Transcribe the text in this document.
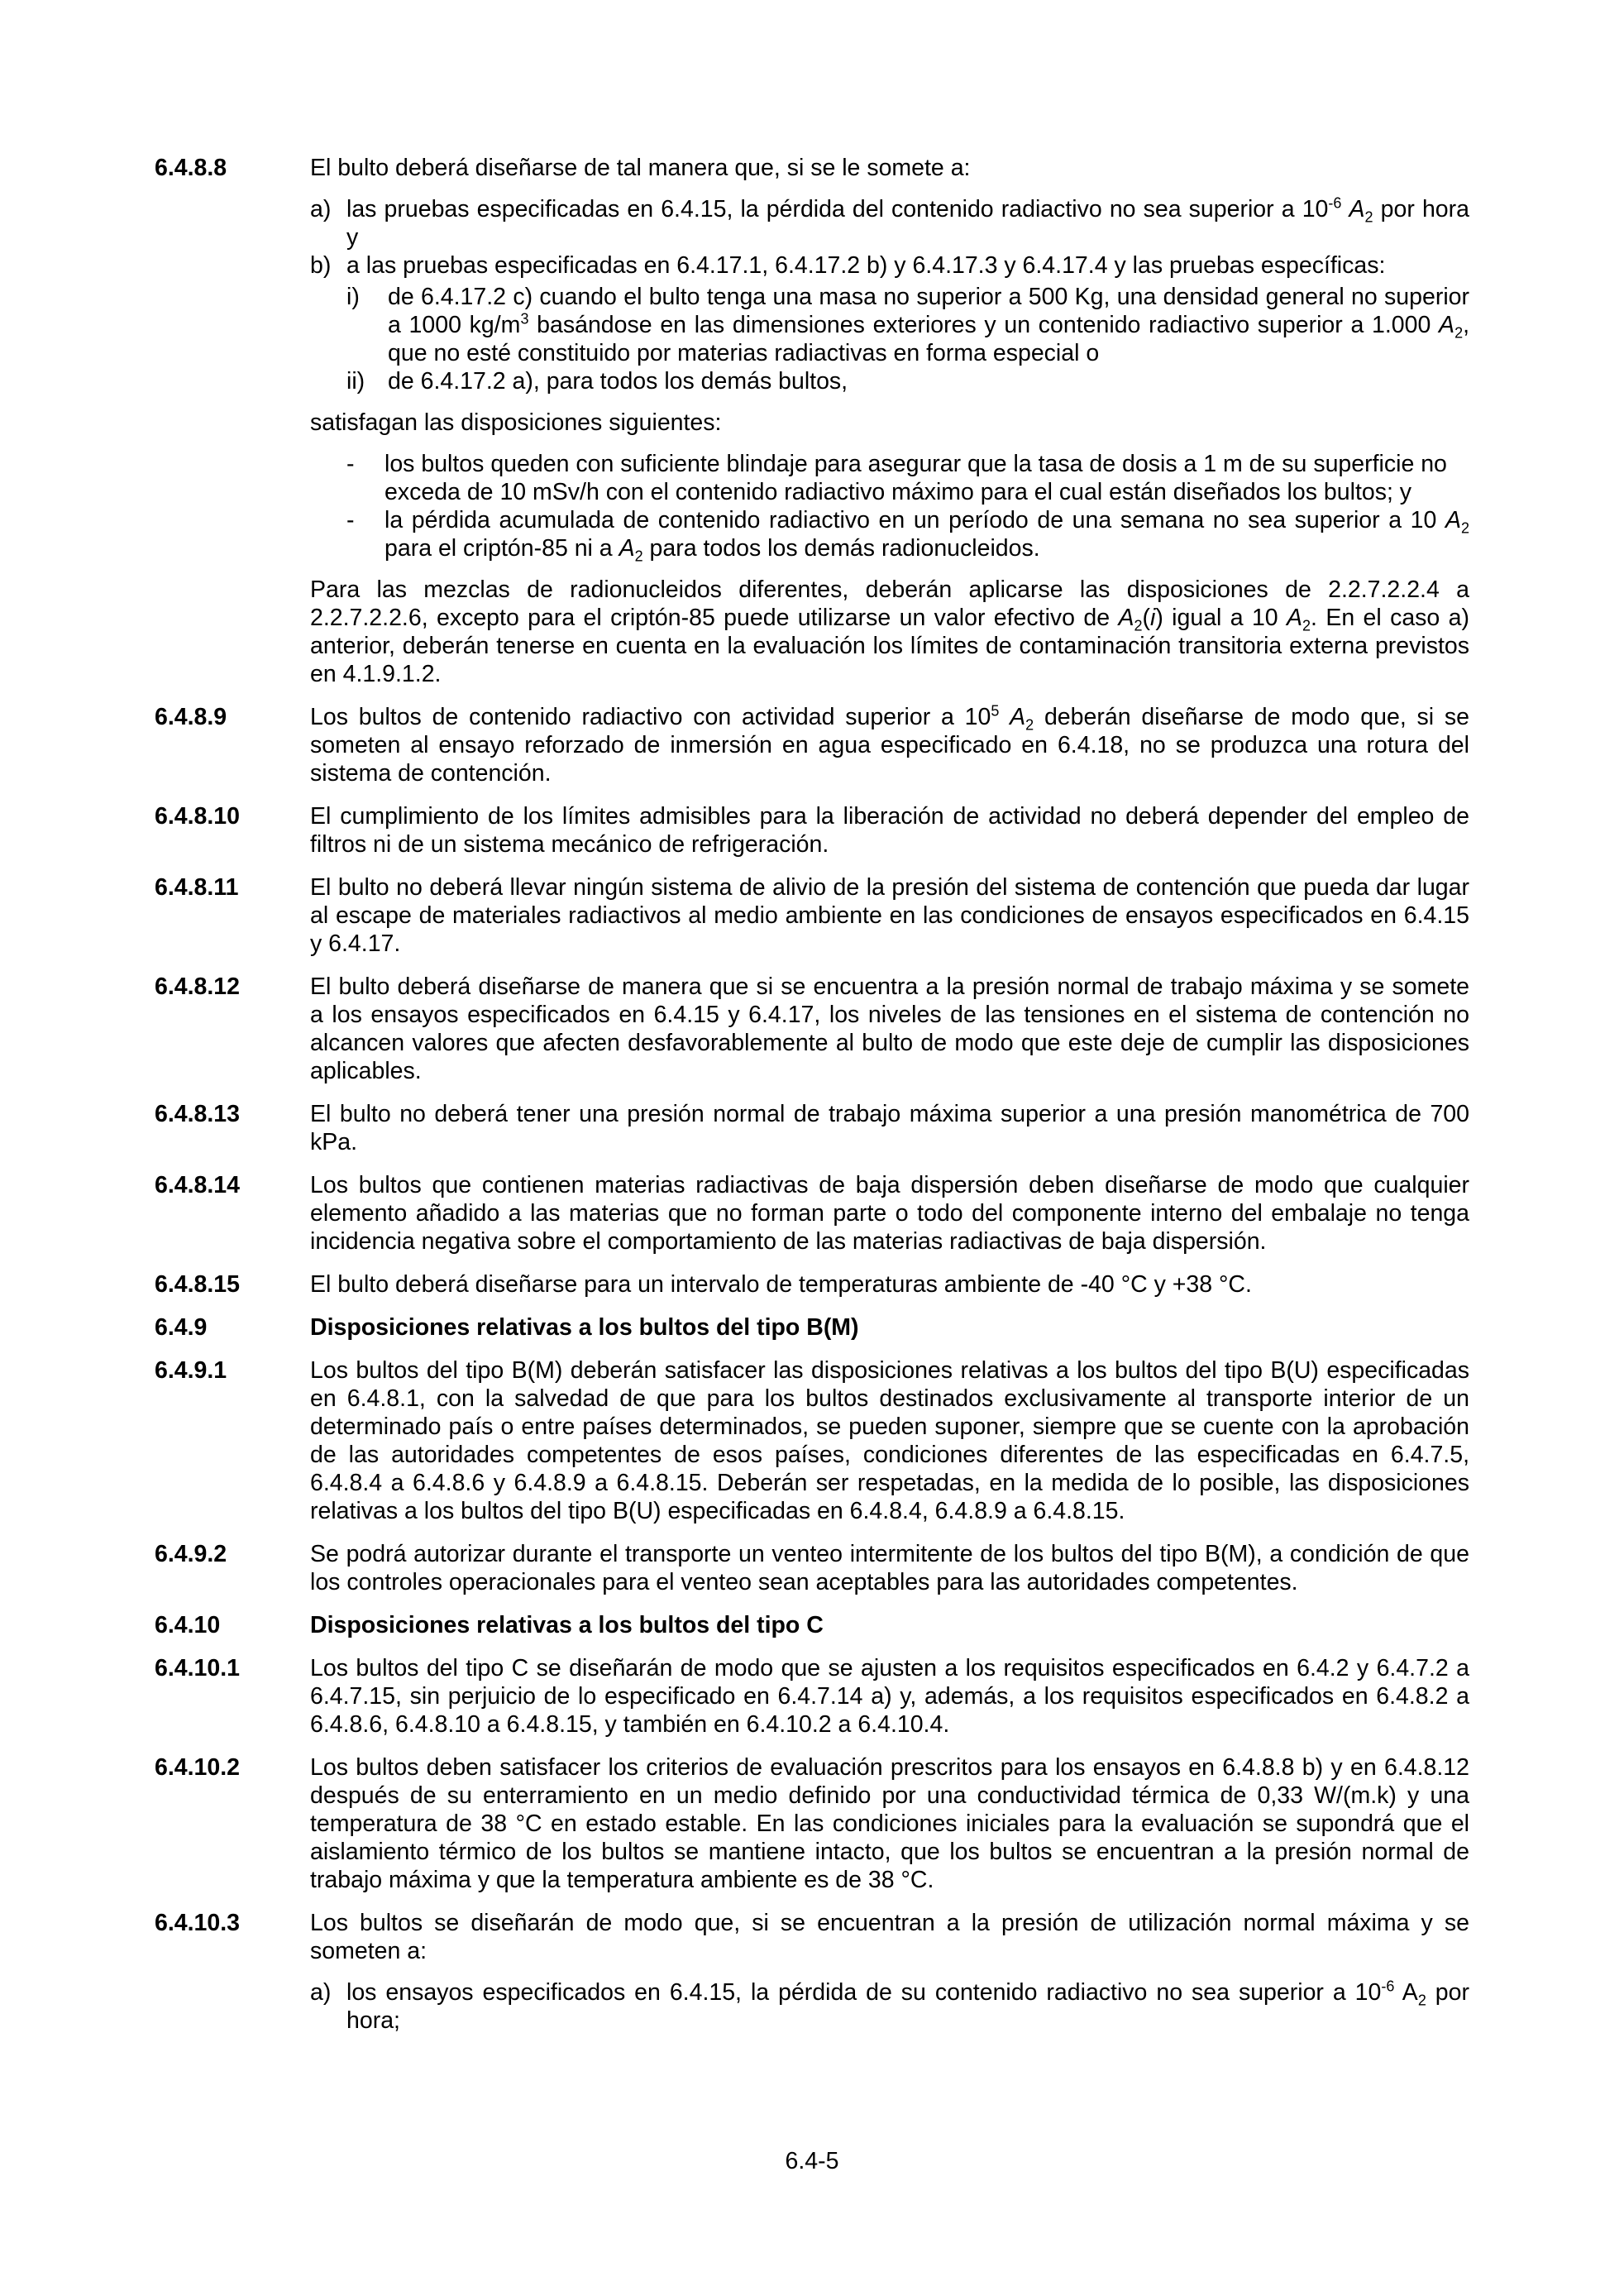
6.4.8.8	El bulto deberá diseñarse de tal manera que, si se le somete a:

a) las pruebas especificadas en 6.4.15, la pérdida del contenido radiactivo no sea superior a $10^{-6}$ $A_2$ por hora y
b) a las pruebas especificadas en 6.4.17.1, 6.4.17.2 b) y 6.4.17.3 y 6.4.17.4 y las pruebas específicas:
i)	de 6.4.17.2 c) cuando el bulto tenga una masa no superior a 500 Kg, una densidad general no superior a 1000 $kg/m^3$ basándose en las dimensiones exteriores y un contenido radiactivo superior a 1.000 $A_2$, que no esté constituido por materias radiactivas en forma especial o
ii) de 6.4.17.2 a), para todos los demás bultos,

satisfagan las disposiciones siguientes:

-	los bultos queden con suficiente blindaje para asegurar que la tasa de dosis a 1 m de su superficie no exceda de 10 mSv/h con el contenido radiactivo máximo para el cual están diseñados los bultos; y
-	la pérdida acumulada de contenido radiactivo en un período de una semana no sea superior a 10 $A_2$ para el criptón-85 ni a $A_2$ para todos los demás radionucleidos.

Para las mezclas de radionucleidos diferentes, deberán aplicarse las disposiciones de 2.2.7.2.2.4 a 2.2.7.2.2.6, excepto para el criptón-85 puede utilizarse un valor efectivo de $A_2(i)$ igual a 10 $A_2$. En el caso a) anterior, deberán tenerse en cuenta en la evaluación los límites de contaminación transitoria externa previstos en 4.1.9.1.2.

6.4.8.9	Los bultos de contenido radiactivo con actividad superior a $10^5$ $A_2$ deberán diseñarse de modo que, si se someten al ensayo reforzado de inmersión en agua especificado en 6.4.18, no se produzca una rotura del sistema de contención.
6.4.8.10	El cumplimiento de los límites admisibles para la liberación de actividad no deberá depender del empleo de filtros ni de un sistema mecánico de refrigeración.
6.4.8.11	El bulto no deberá llevar ningún sistema de alivio de la presión del sistema de contención que pueda dar lugar al escape de materiales radiactivos al medio ambiente en las condiciones de ensayos especificados en 6.4.15 y 6.4.17.
6.4.8.12	El bulto deberá diseñarse de manera que si se encuentra a la presión normal de trabajo máxima y se somete a los ensayos especificados en 6.4.15 y 6.4.17, los niveles de las tensiones en el sistema de contención no alcancen valores que afecten desfavorablemente al bulto de modo que este deje de cumplir las disposiciones aplicables.
6.4.8.13	El bulto no deberá tener una presión normal de trabajo máxima superior a una presión manométrica de 700 kPa.
6.4.8.14	Los bultos que contienen materias radiactivas de baja dispersión deben diseñarse de modo que cualquier elemento añadido a las materias que no forman parte o todo del componente interno del embalaje no tenga incidencia negativa sobre el comportamiento de las materias radiactivas de baja dispersión.
6.4.8.15	El bulto deberá diseñarse para un intervalo de temperaturas ambiente de -40 °C y +38 °C.
6.4.9	Disposiciones relativas a los bultos del tipo B(M)
6.4.9.1	Los bultos del tipo B(M) deberán satisfacer las disposiciones relativas a los bultos del tipo B(U) especificadas en 6.4.8.1, con la salvedad de que para los bultos destinados exclusivamente al transporte interior de un determinado país o entre países determinados, se pueden suponer, siempre que se cuente con la aprobación de las autoridades competentes de esos países, condiciones diferentes de las especificadas en 6.4.7.5, 6.4.8.4 a 6.4.8.6 y 6.4.8.9 a 6.4.8.15. Deberán ser respetadas, en la medida de lo posible, las disposiciones relativas a los bultos del tipo B(U) especificadas en 6.4.8.4, 6.4.8.9 a 6.4.8.15.
6.4.9.2	Se podrá autorizar durante el transporte un venteo intermitente de los bultos del tipo B(M), a condición de que los controles operacionales para el venteo sean aceptables para las autoridades competentes.
6.4.10	Disposiciones relativas a los bultos del tipo C
6.4.10.1	Los bultos del tipo C se diseñarán de modo que se ajusten a los requisitos especificados en 6.4.2 y 6.4.7.2 a 6.4.7.15, sin perjuicio de lo especificado en 6.4.7.14 a) y, además, a los requisitos especificados en 6.4.8.2 a 6.4.8.6, 6.4.8.10 a 6.4.8.15, y también en 6.4.10.2 a 6.4.10.4.
6.4.10.2	Los bultos deben satisfacer los criterios de evaluación prescritos para los ensayos en 6.4.8.8 b) y en 6.4.8.12 después de su enterramiento en un medio definido por una conductividad térmica de 0,33 W/(m.k) y una temperatura de 38 °C en estado estable. En las condiciones iniciales para la evaluación se supondrá que el aislamiento térmico de los bultos se mantiene intacto, que los bultos se encuentran a la presión normal de trabajo máxima y que la temperatura ambiente es de 38 °C.
6.4.10.3	Los bultos se diseñarán de modo que, si se encuentran a la presión de utilización normal máxima y se someten a:

a) los ensayos especificados en 6.4.15, la pérdida de su contenido radiactivo no sea superior a $10^{-6}$ $A_2$ por hora;
6.4-5
